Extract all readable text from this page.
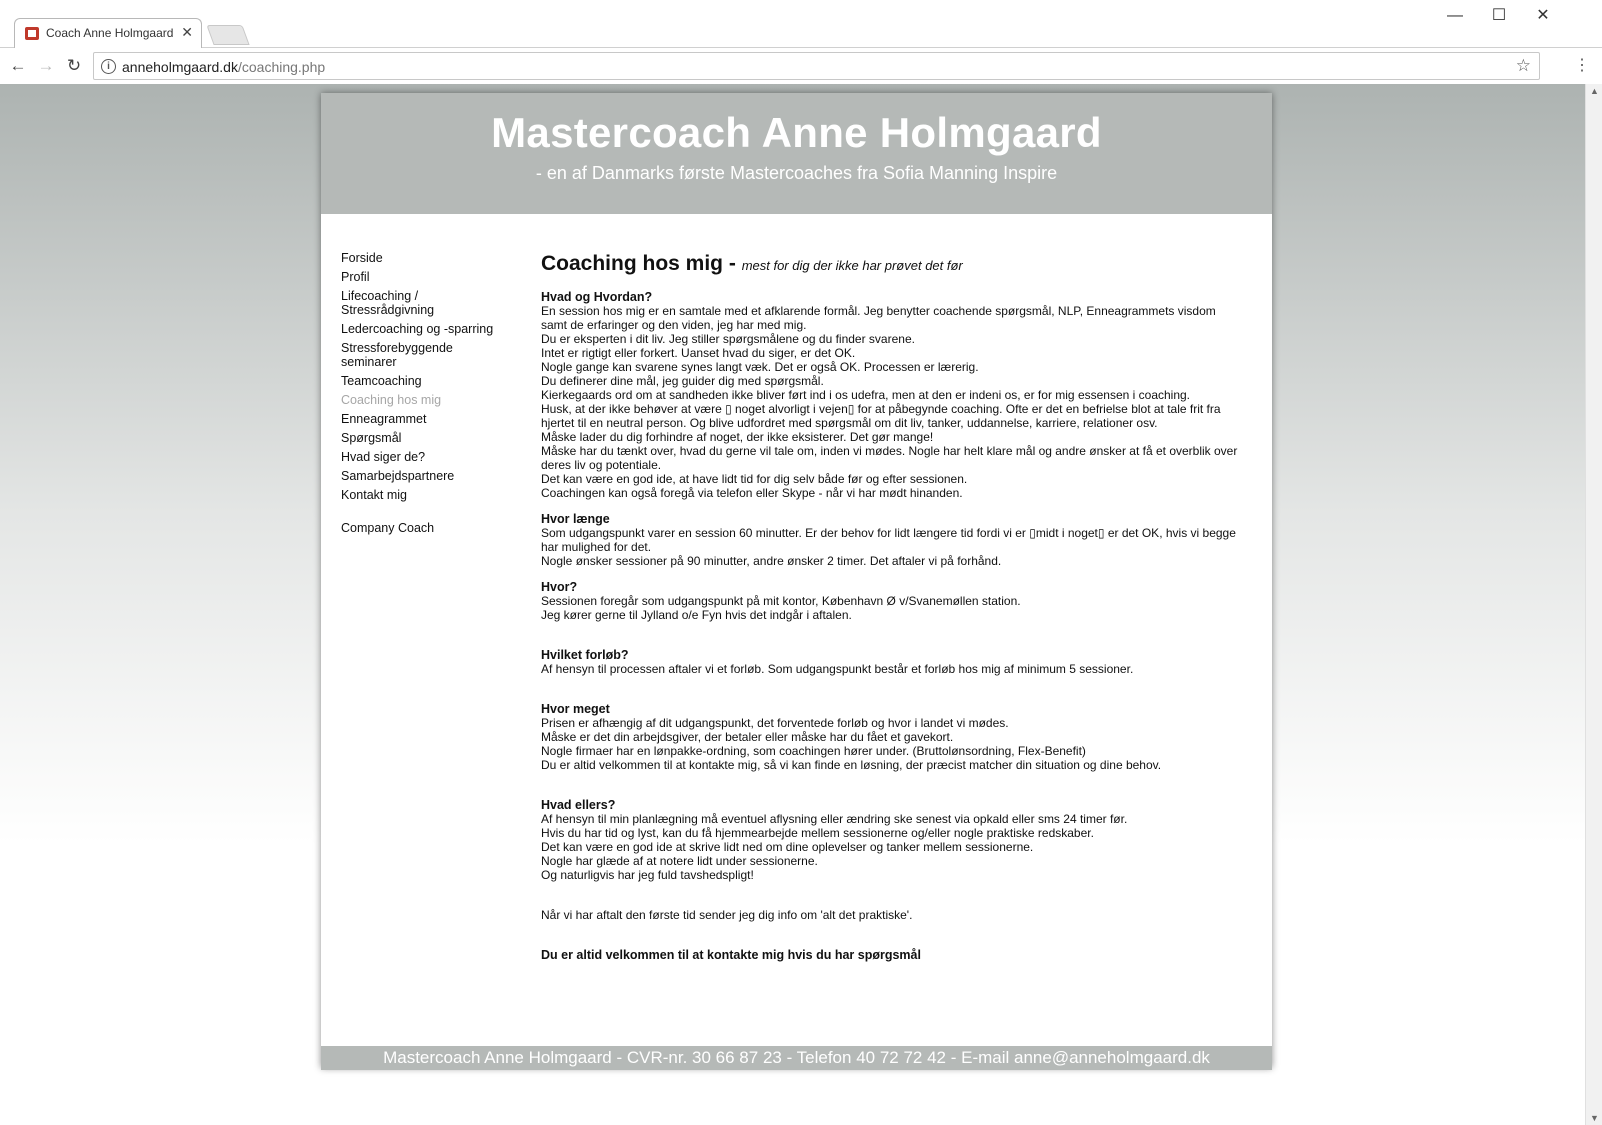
Coach Anne Holmgaard ✕
—	☐	✕
← → ↻	i anneholmgaard.dk/coaching.php	☆	⋮
Mastercoach Anne Holmgaard
- en af Danmarks første Mastercoaches fra Sofia Manning Inspire
Forside
Profil
Lifecoaching / Stressrådgivning
Ledercoaching og -sparring
Stressforebyggende seminarer
Teamcoaching
Coaching hos mig
Enneagrammet
Spørgsmål
Hvad siger de?
Samarbejdspartnere
Kontakt mig
Company Coach
Coaching hos mig - mest for dig der ikke har prøvet det før
Hvad og Hvordan?
En session hos mig er en samtale med et afklarende formål. Jeg benytter coachende spørgsmål, NLP, Enneagrammets visdom samt de erfaringer og den viden, jeg har med mig.
Du er eksperten i dit liv. Jeg stiller spørgsmålene og du finder svarene.
Intet er rigtigt eller forkert. Uanset hvad du siger, er det OK.
Nogle gange kan svarene synes langt væk. Det er også OK. Processen er lærerig.
Du definerer dine mål, jeg guider dig med spørgsmål.
Kierkegaards ord om at sandheden ikke bliver ført ind i os udefra, men at den er indeni os, er for mig essensen i coaching.
Husk, at der ikke behøver at være ▯ noget alvorligt i vejen▯ for at påbegynde coaching. Ofte er det en befrielse blot at tale frit fra hjertet til en neutral person. Og blive udfordret med spørgsmål om dit liv, tanker, uddannelse, karriere, relationer osv.
Måske lader du dig forhindre af noget, der ikke eksisterer. Det gør mange!
Måske har du tænkt over, hvad du gerne vil tale om, inden vi mødes. Nogle har helt klare mål og andre ønsker at få et overblik over deres liv og potentiale.
Det kan være en god ide, at have lidt tid for dig selv både før og efter sessionen.
Coachingen kan også foregå via telefon eller Skype - når vi har mødt hinanden.
Hvor længe
Som udgangspunkt varer en session 60 minutter. Er der behov for lidt længere tid fordi vi er ▯midt i noget▯ er det OK, hvis vi begge har mulighed for det.
Nogle ønsker sessioner på 90 minutter, andre ønsker 2 timer. Det aftaler vi på forhånd.
Hvor?
Sessionen foregår som udgangspunkt på mit kontor, København Ø v/Svanemøllen station.
Jeg kører gerne til Jylland o/e Fyn hvis det indgår i aftalen.
Hvilket forløb?
Af hensyn til processen aftaler vi et forløb. Som udgangspunkt består et forløb hos mig af minimum 5 sessioner.
Hvor meget
Prisen er afhængig af dit udgangspunkt, det forventede forløb og hvor i landet vi mødes.
Måske er det din arbejdsgiver, der betaler eller måske har du fået et gavekort.
Nogle firmaer har en lønpakke-ordning, som coachingen hører under. (Bruttolønsordning, Flex-Benefit)
Du er altid velkommen til at kontakte mig, så vi kan finde en løsning, der præcist matcher din situation og dine behov.
Hvad ellers?
Af hensyn til min planlægning må eventuel aflysning eller ændring ske senest via opkald eller sms 24 timer før.
Hvis du har tid og lyst, kan du få hjemmearbejde mellem sessionerne og/eller nogle praktiske redskaber.
Det kan være en god ide at skrive lidt ned om dine oplevelser og tanker mellem sessionerne.
Nogle har glæde af at notere lidt under sessionerne.
Og naturligvis har jeg fuld tavshedspligt!
Når vi har aftalt den første tid sender jeg dig info om 'alt det praktiske'.
Du er altid velkommen til at kontakte mig hvis du har spørgsmål
Mastercoach Anne Holmgaard - CVR-nr. 30 66 87 23 - Telefon 40 72 72 42 - E-mail anne@anneholmgaard.dk
▲
▼
